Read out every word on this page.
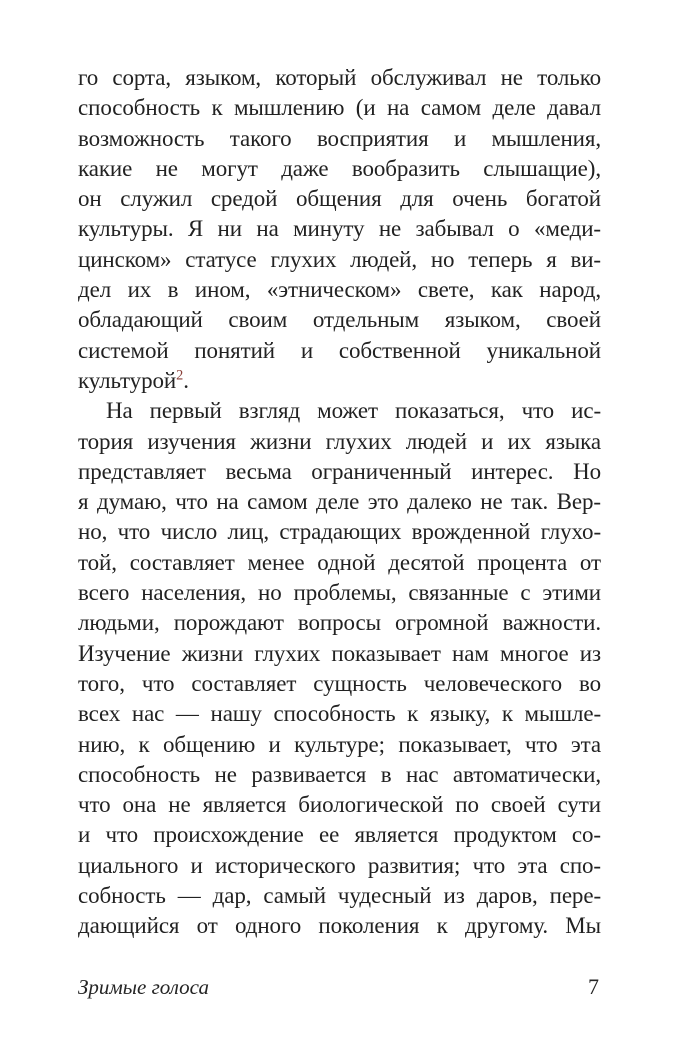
го сорта, языком, который обслуживал не только
способность к мышлению (и на самом деле давал
возможность такого восприятия и мышления,
какие не могут даже вообразить слышащие),
он служил средой общения для очень богатой
культуры. Я ни на минуту не забывал о «меди-
цинском» статусе глухих людей, но теперь я ви-
дел их в ином, «этническом» свете, как народ,
обладающий своим отдельным языком, своей
системой понятий и собственной уникальной
культурой$^2$.
На первый взгляд может показаться, что ис-
тория изучения жизни глухих людей и их языка
представляет весьма ограниченный интерес. Но
я думаю, что на самом деле это далеко не так. Вер-
но, что число лиц, страдающих врожденной глухо-
той, составляет менее одной десятой процента от
всего населения, но проблемы, связанные с этими
людьми, порождают вопросы огромной важности.
Изучение жизни глухих показывает нам многое из
того, что составляет сущность человеческого во
всех нас — нашу способность к языку, к мышле-
нию, к общению и культуре; показывает, что эта
способность не развивается в нас автоматически,
что она не является биологической по своей сути
и что происхождение ее является продуктом со-
циального и исторического развития; что эта спо-
собность — дар, самый чудесный из даров, пере-
дающийся от одного поколения к другому. Мы
Зримые голоса	7
